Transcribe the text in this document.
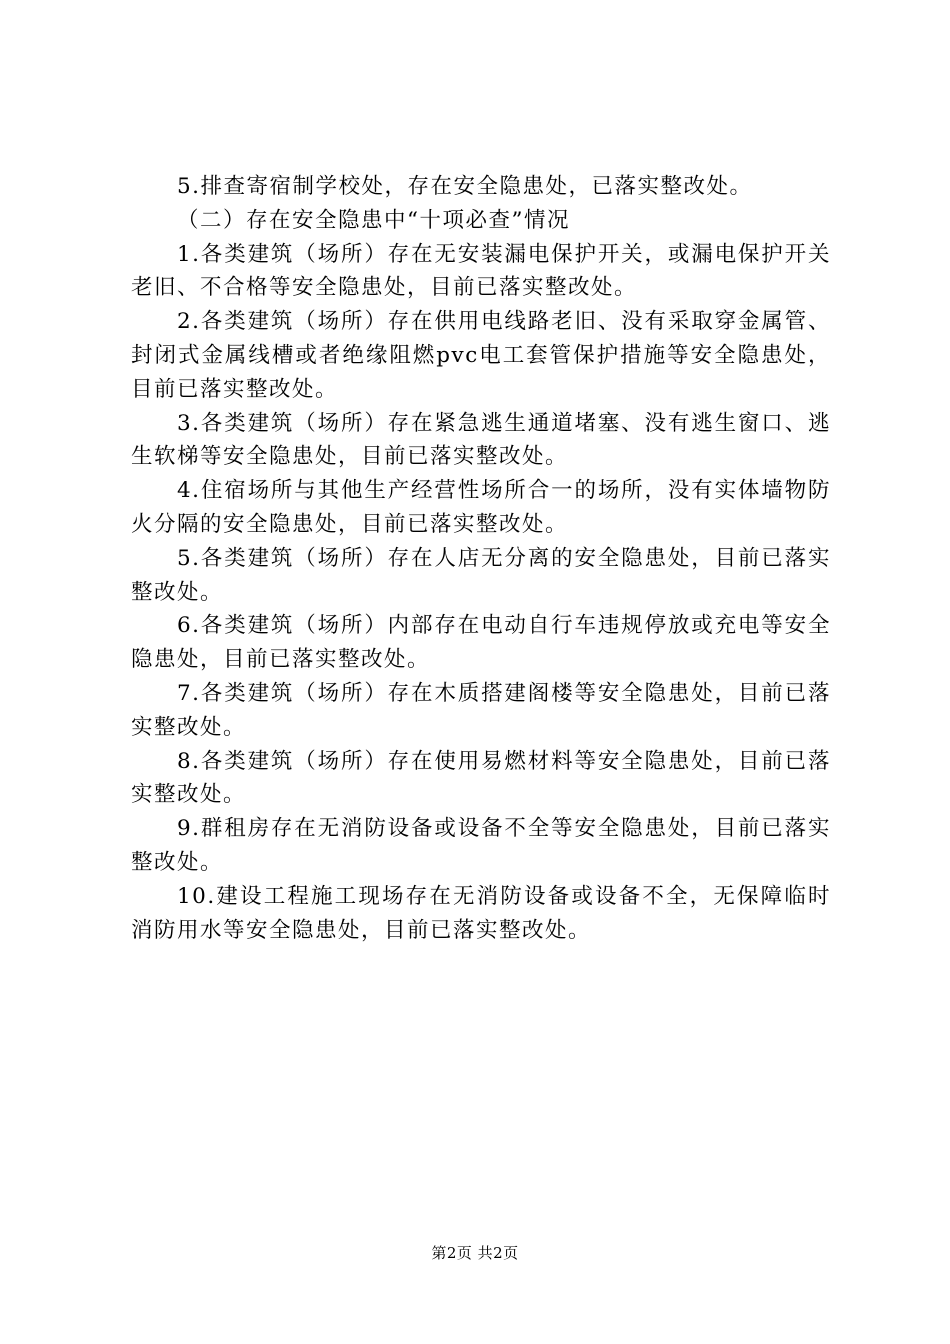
5.排查寄宿制学校处，存在安全隐患处，已落实整改处。

（二）存在安全隐患中“十项必查”情况

1.各类建筑（场所）存在无安装漏电保护开关，或漏电保护开关老旧、不合格等安全隐患处，目前已落实整改处。

2.各类建筑（场所）存在供用电线路老旧、没有采取穿金属管、封闭式金属线槽或者绝缘阻燃pvc电工套管保护措施等安全隐患处，目前已落实整改处。

3.各类建筑（场所）存在紧急逃生通道堵塞、没有逃生窗口、逃生软梯等安全隐患处，目前已落实整改处。

4.住宿场所与其他生产经营性场所合一的场所，没有实体墙物防火分隔的安全隐患处，目前已落实整改处。

5.各类建筑（场所）存在人店无分离的安全隐患处，目前已落实整改处。

6.各类建筑（场所）内部存在电动自行车违规停放或充电等安全隐患处，目前已落实整改处。

7.各类建筑（场所）存在木质搭建阁楼等安全隐患处，目前已落实整改处。

8.各类建筑（场所）存在使用易燃材料等安全隐患处，目前已落实整改处。

9.群租房存在无消防设备或设备不全等安全隐患处，目前已落实整改处。

10.建设工程施工现场存在无消防设备或设备不全，无保障临时消防用水等安全隐患处，目前已落实整改处。

第2页 共2页
